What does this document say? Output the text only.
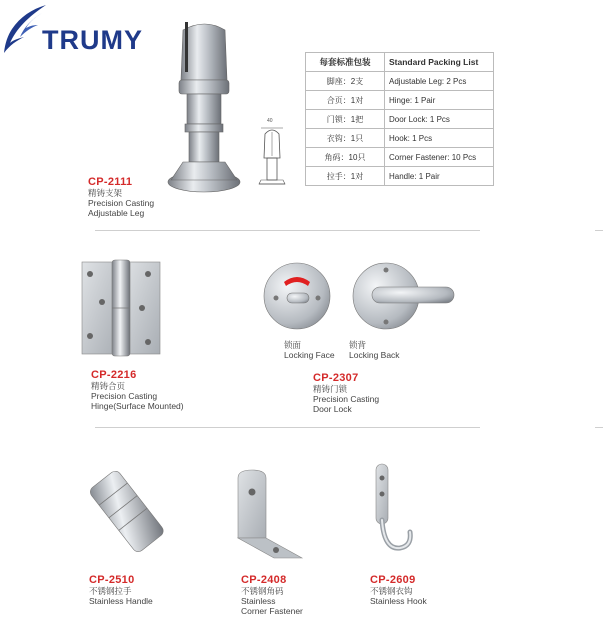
TRUMY
40
每套标准包装	Standard Packing List
脚座：2支	Adjustable Leg: 2 Pcs
合页：1对	Hinge: 1 Pair
门锁：1把	Door Lock: 1 Pcs
衣钩：1只	Hook: 1 Pcs
角码：10只	Corner Fastener: 10 Pcs
拉手：1对	Handle: 1 Pair
CP-2111
精铸支架
Precision Casting
Adjustable Leg
CP-2216
精铸合页
Precision Casting
Hinge(Surface Mounted)
锁面
Locking Face
锁背
Locking Back
CP-2307
精铸门锁
Precision Casting
Door Lock
CP-2510
不锈钢拉手
Stainless Handle
CP-2408
不锈钢角码
Stainless
Corner Fastener
CP-2609
不锈钢衣钩
Stainless Hook
